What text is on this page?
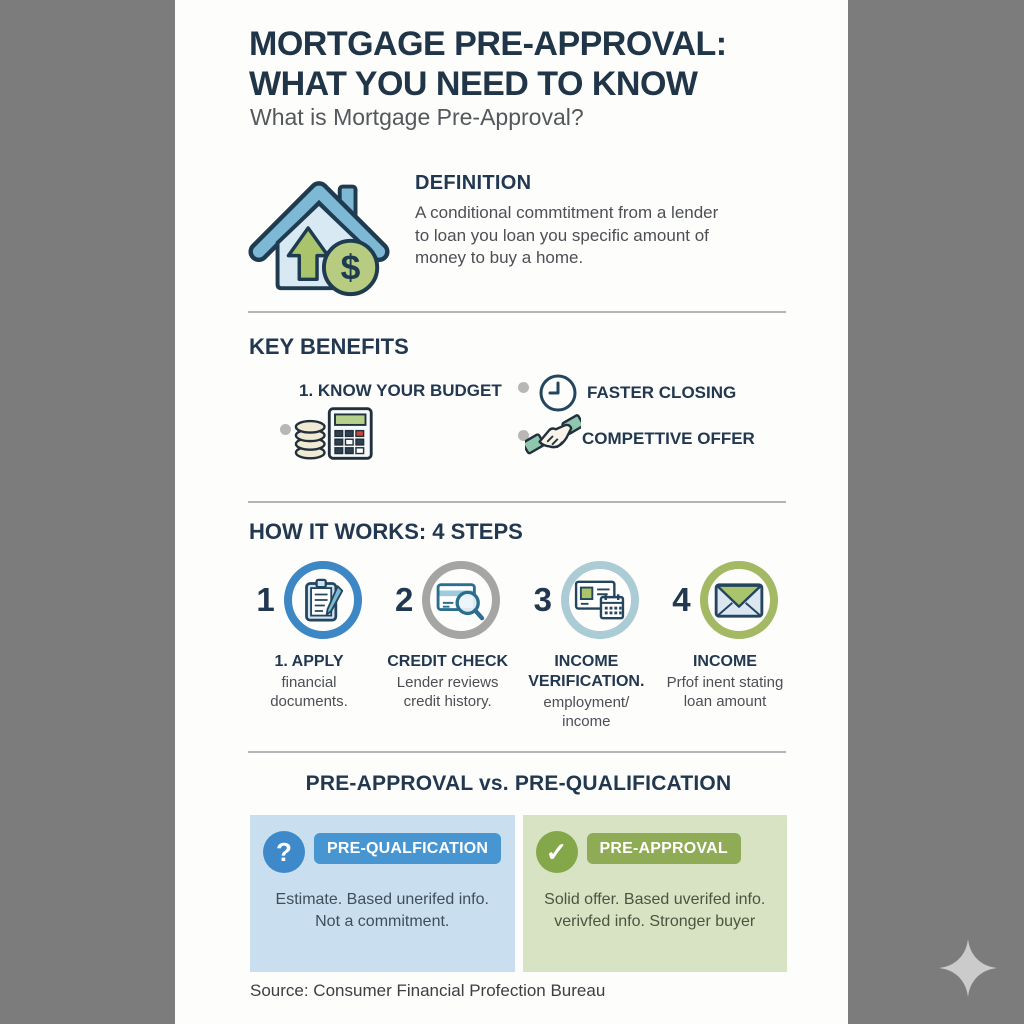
MORTGAGE PRE-APPROVAL:
WHAT YOU NEED TO KNOW
What is Mortgage Pre-Approval?
$
DEFINITION
A conditional commtitment from a lender to loan you loan you specific amount of money to buy a home.
KEY BENEFITS
1. KNOW YOUR BUDGET	FASTER CLOSING
COMPETTIVE OFFER
HOW IT WORKS: 4 STEPS
1
1. APPLY
financial documents.
2
CREDIT CHECK
Lender reviews credit history.
3
INCOME VERIFICATION.
employment/ income
4
INCOME
Prfof inent stating loan amount
PRE-APPROVAL vs. PRE-QUALIFICATION
?	PRE-QUALFICATION
Estimate. Based unerifed info.
Not a commitment.
✓	PRE-APPROVAL
Solid offer. Based uverifed info.
verivfed info. Stronger buyer
Source: Consumer Financial Profection Bureau
